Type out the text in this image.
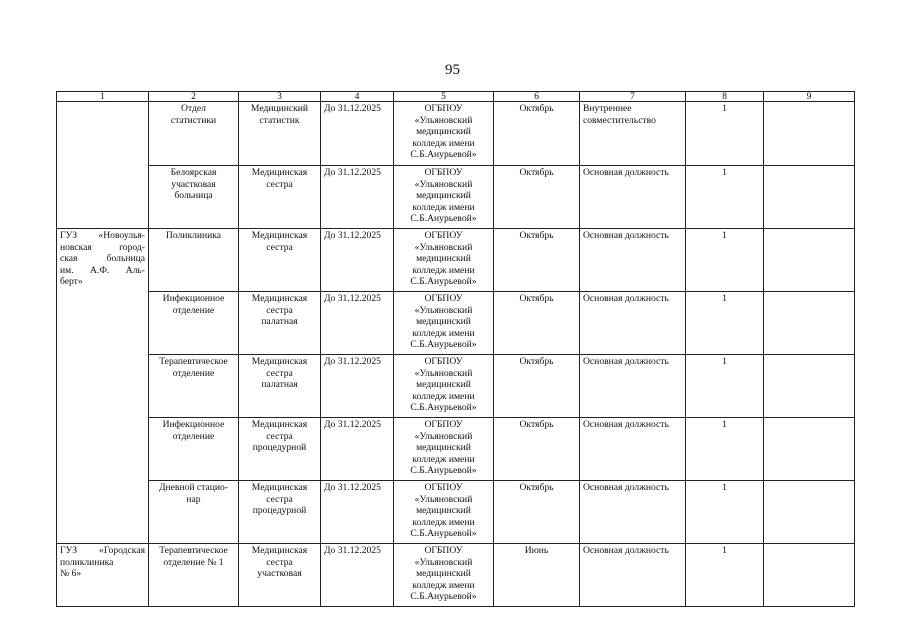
95
1	2	3	4	5	6	7	8	9

	Отдел
статистики	Медицинский
статистик	До 31.12.2025	ОГБПОУ
«Ульяновский
медицинский
колледж имени
С.Б.Анурьевой»	Октябрь	Внутреннее
совместительство	1	

	Белоярская
участковая
больница	Медицинская
сестра	До 31.12.2025	ОГБПОУ
«Ульяновский
медицинский
колледж имени
С.Б.Анурьевой»	Октябрь	Основная должность	1	

ГУЗ «Новоулья-
новская город-
ская больница
им. А.Ф. Аль-
берт»	Поликлиника	Медицинская
сестра	До 31.12.2025	ОГБПОУ
«Ульяновский
медицинский
колледж имени
С.Б.Анурьевой»	Октябрь	Основная должность	1	

	Инфекционное
отделение	Медицинская
сестра
палатная	До 31.12.2025	ОГБПОУ
«Ульяновский
медицинский
колледж имени
С.Б.Анурьевой»	Октябрь	Основная должность	1	

	Терапевтическое
отделение	Медицинская
сестра
палатная	До 31.12.2025	ОГБПОУ
«Ульяновский
медицинский
колледж имени
С.Б.Анурьевой»	Октябрь	Основная должность	1	

	Инфекционное
отделение	Медицинская
сестра
процедурной	До 31.12.2025	ОГБПОУ
«Ульяновский
медицинский
колледж имени
С.Б.Анурьевой»	Октябрь	Основная должность	1	

	Дневной стацио-
нар	Медицинская
сестра
процедурной	До 31.12.2025	ОГБПОУ
«Ульяновский
медицинский
колледж имени
С.Б.Анурьевой»	Октябрь	Основная должность	1	

ГУЗ «Городская
поликлиника
№ 6»	Терапевтическое
отделение № 1	Медицинская
сестра
участковая	До 31.12.2025	ОГБПОУ
«Ульяновский
медицинский
колледж имени
С.Б.Анурьевой»	Июнь	Основная должность	1	
